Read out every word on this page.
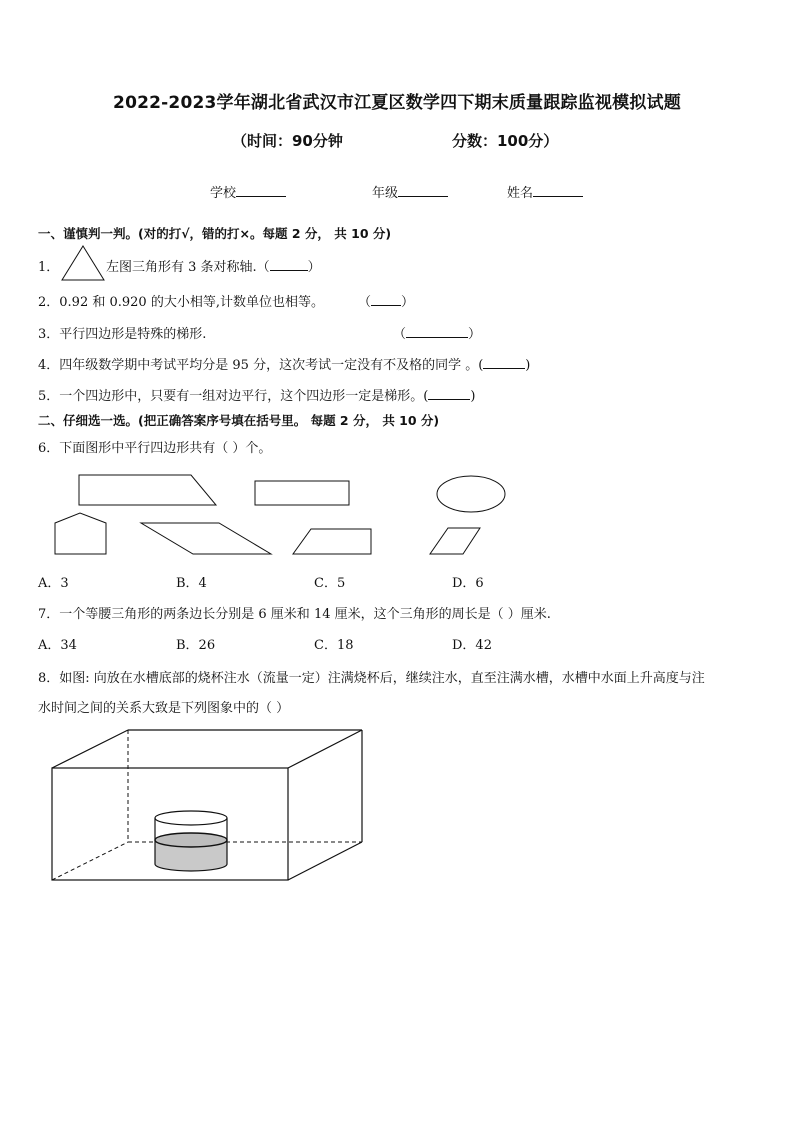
2022-2023学年湖北省武汉市江夏区数学四下期末质量跟踪监视模拟试题
（时间：90分钟	分数：100分）
学校	年级	姓名
一、谨慎判一判。(对的打√，错的打×。每题 2 分， 共 10 分)
1．	左图三角形有 3 条对称轴.（	）
2．0.92 和 0.920 的大小相等,计数单位也相等。	（ ）
3．平行四边形是特殊的梯形.	（	）
4．四年级数学期中考试平均分是 95 分，这次考试一定没有不及格的同学 。(	)
5．一个四边形中，只要有一组对边平行，这个四边形一定是梯形。(	)
二、仔细选一选。(把正确答案序号填在括号里。 每题 2 分， 共 10 分)
6．下面图形中平行四边形共有（ ）个。
A．3	B．4	C．5	D．6
7．一个等腰三角形的两条边长分别是 6 厘米和 14 厘米，这个三角形的周长是（ ）厘米.
A．34	B．26	C．18	D．42
8．如图: 向放在水槽底部的烧杯注水（流量一定）注满烧杯后，继续注水，直至注满水槽，水槽中水面上升高度与注
水时间之间的关系大致是下列图象中的（ ）
